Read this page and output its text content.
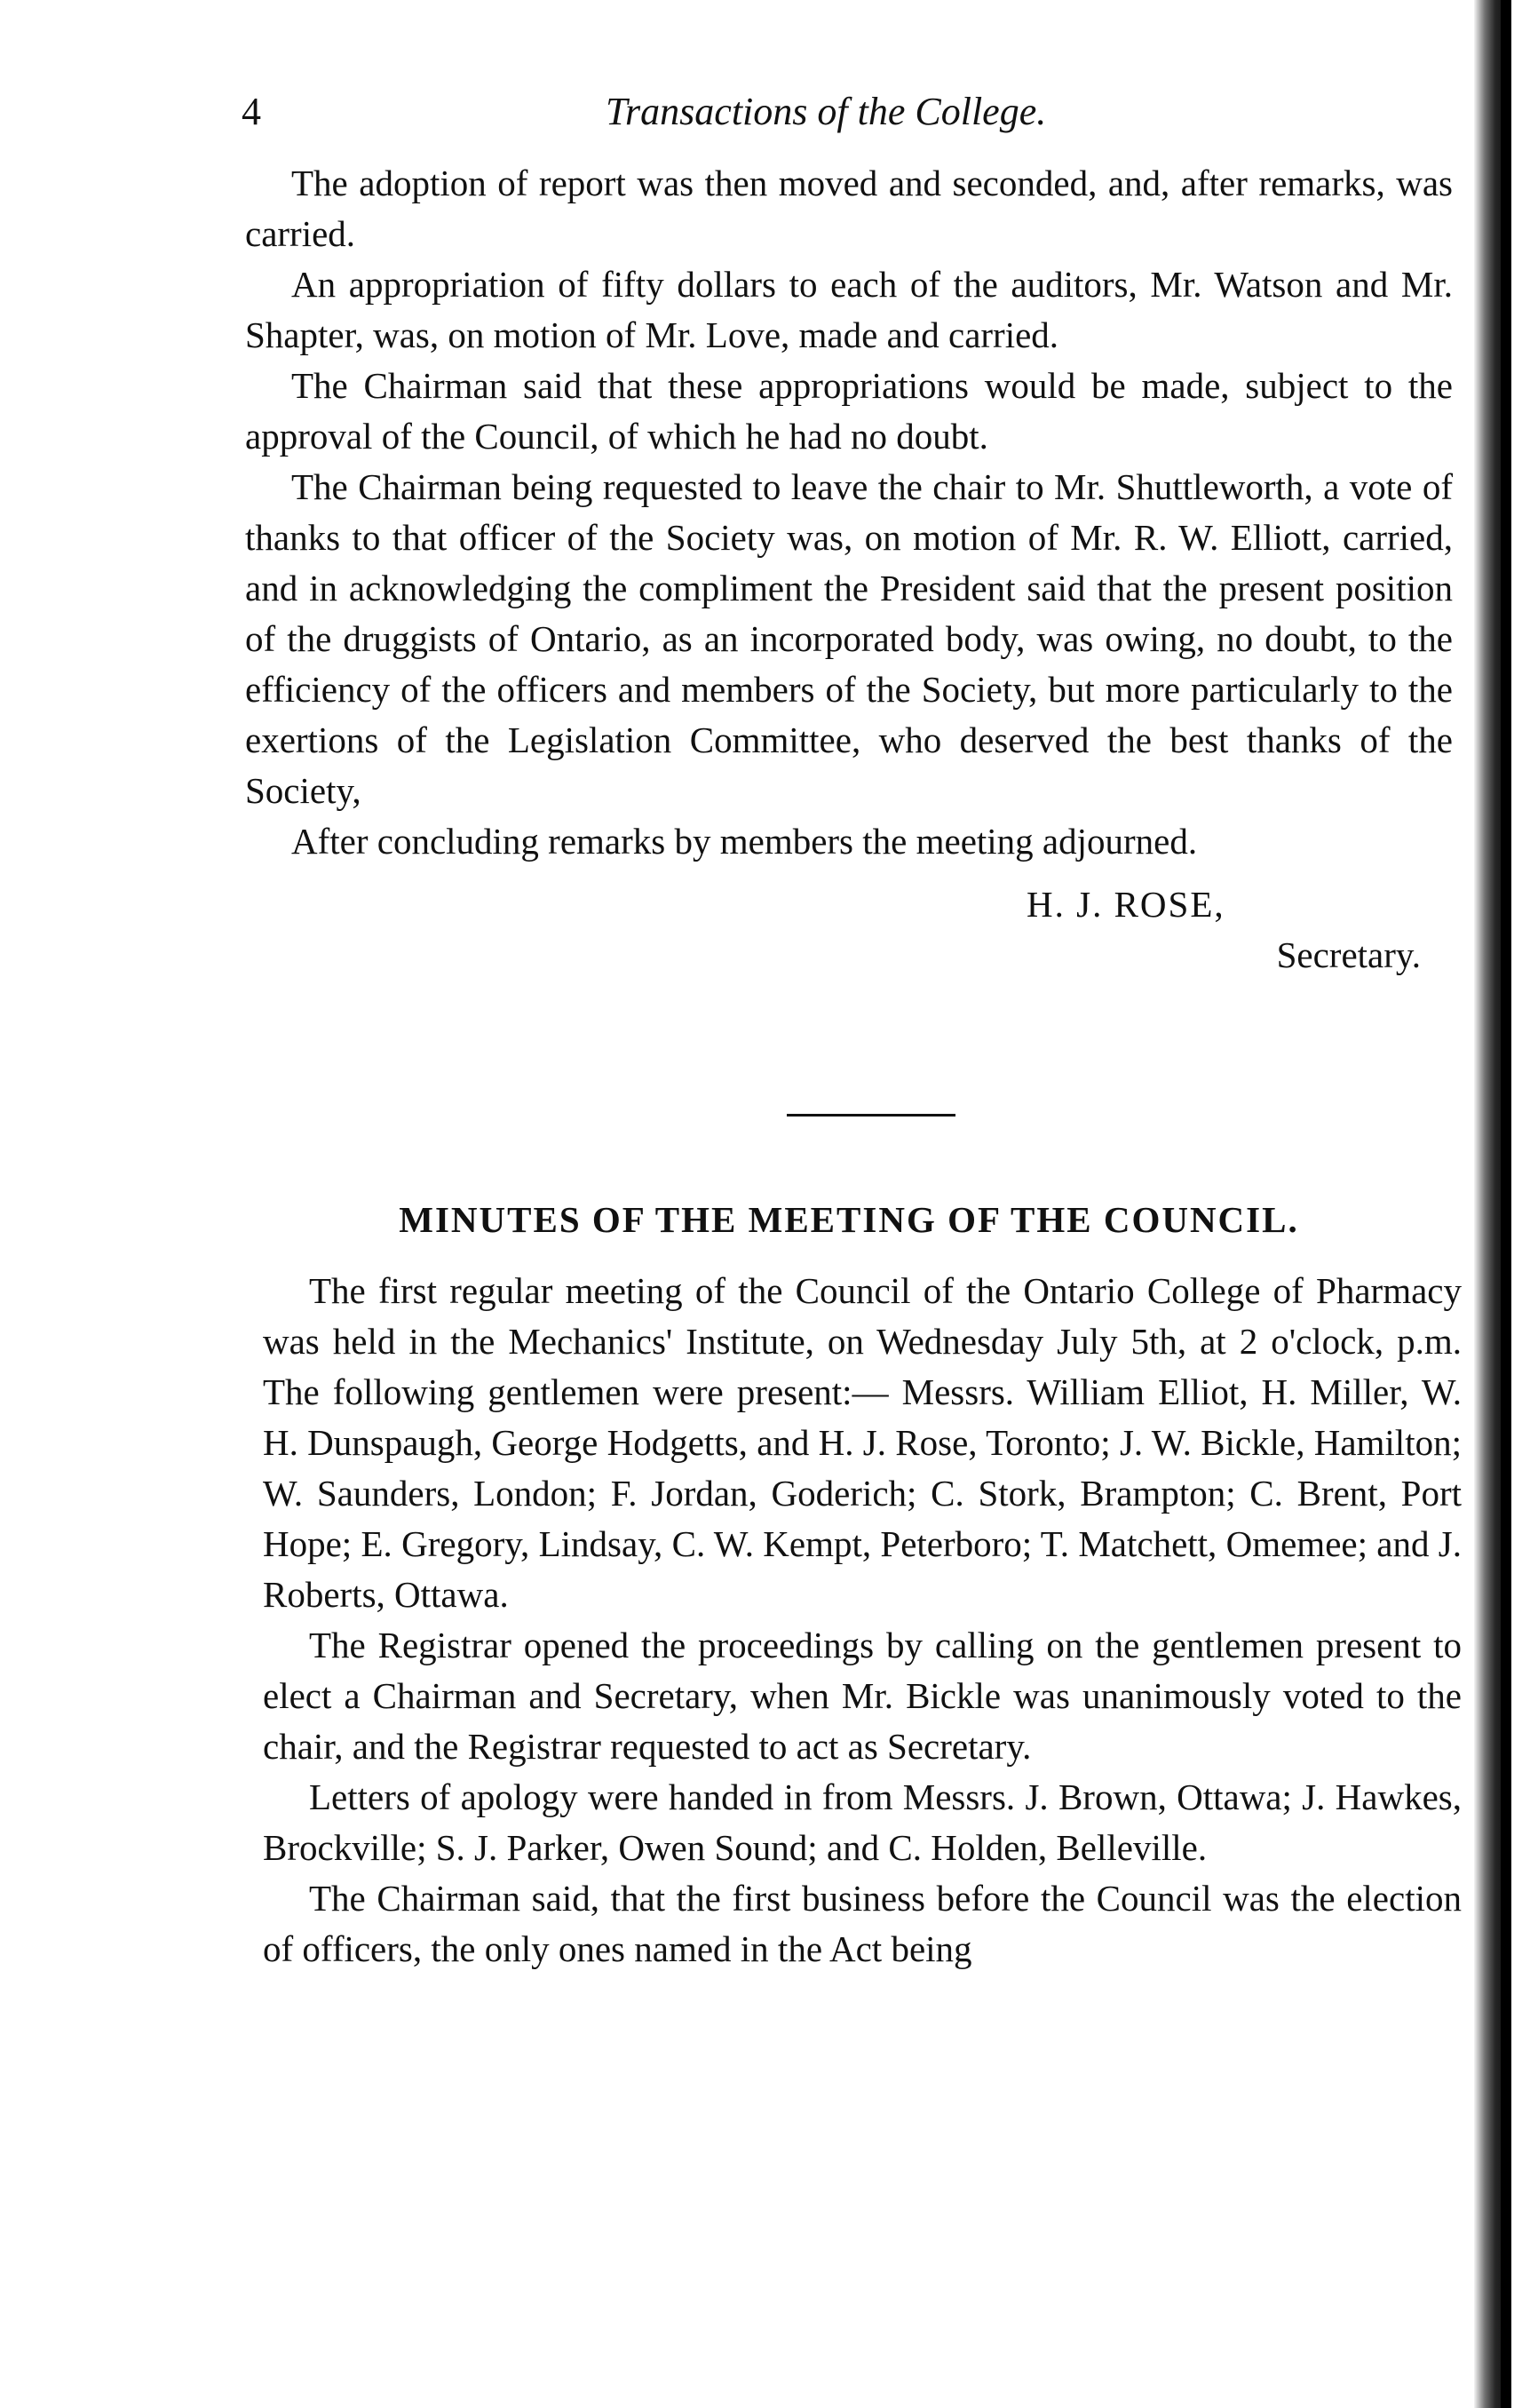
4	Transactions of the College.

The adoption of report was then moved and seconded, and, after remarks, was carried.

An appropriation of fifty dollars to each of the auditors, Mr. Watson and Mr. Shapter, was, on motion of Mr. Love, made and carried.

The Chairman said that these appropriations would be made, subject to the approval of the Council, of which he had no doubt.

The Chairman being requested to leave the chair to Mr. Shuttleworth, a vote of thanks to that officer of the Society was, on motion of Mr. R. W. Elliott, carried, and in acknowledging the compliment the President said that the present position of the druggists of Ontario, as an incorporated body, was owing, no doubt, to the efficiency of the officers and members of the Society, but more particularly to the exertions of the Legislation Committee, who deserved the best thanks of the Society,

After concluding remarks by members the meeting adjourned.

H. J. ROSE,

Secretary.

MINUTES OF THE MEETING OF THE COUNCIL.

The first regular meeting of the Council of the Ontario College of Pharmacy was held in the Mechanics' Institute, on Wednesday July 5th, at 2 o'clock, p.m. The following gentlemen were present:— Messrs. William Elliot, H. Miller, W. H. Dunspaugh, George Hodgetts, and H. J. Rose, Toronto; J. W. Bickle, Hamilton; W. Saunders, London; F. Jordan, Goderich; C. Stork, Brampton; C. Brent, Port Hope; E. Gregory, Lindsay, C. W. Kempt, Peterboro; T. Matchett, Omemee; and J. Roberts, Ottawa.

The Registrar opened the proceedings by calling on the gentlemen present to elect a Chairman and Secretary, when Mr. Bickle was unanimously voted to the chair, and the Registrar requested to act as Secretary.

Letters of apology were handed in from Messrs. J. Brown, Ottawa; J. Hawkes, Brockville; S. J. Parker, Owen Sound; and C. Holden, Belleville.

The Chairman said, that the first business before the Council was the election of officers, the only ones named in the Act being
